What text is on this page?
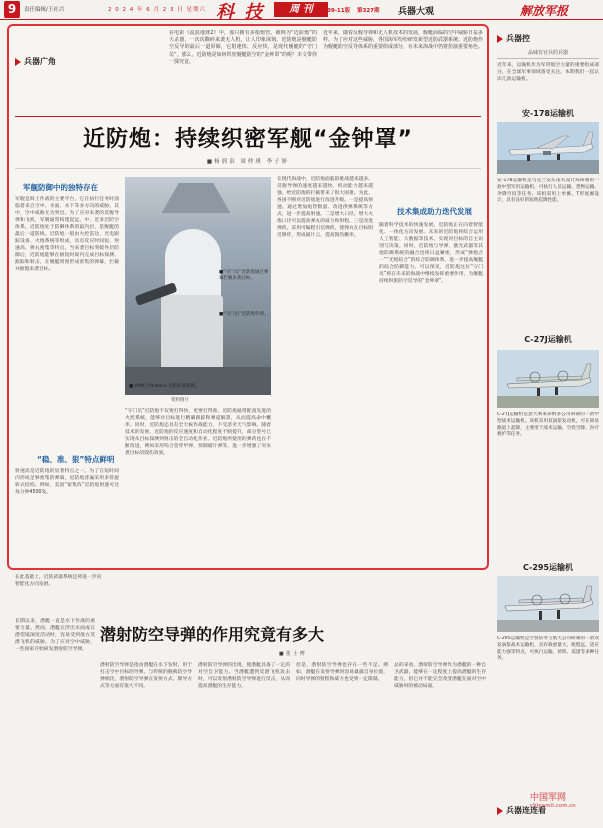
9	责任编辑/王社兴	2 0 2 4 年 6 月 2 3 日 星期六 科 技	周 刊	09-11版 第327期 兵器大观	解放军报
兵器广角
在电影《流浪地球2》中，那只拥有多根炮管、被称为“近防炮”的大杀器，一次次撕碎来袭无人机，让人印象深刻。近防炮是舰艇防空反导的最后一道屏障，它射速快、反应快，是现代舰艇的“守门员”。那么，近防炮是如何织密舰艇防空的“金钟罩”的呢？本文带你一探究竟。
近年来，随着反舰导弹和无人机技术的发展，舰艇面临的空中威胁日益多样。为了应对这些威胁，各国海军纷纷研发新型近防武器系统。近防炮作为舰艇防空反导体系的重要组成部分，在未来海战中仍将扮演重要角色。
近防炮：持续织密军舰“金钟罩”
■杨润泉 周仲琪 李子妍
军舰防御中的独特存在
军舰是海上作战的主要平台，它在执行任务时面临着来自空中、水面、水下等多方向的威胁。其中，空中威胁尤为突出。为了应对来袭的反舰导弹和飞机，军舰通常构建起远、中、近多层防空体系。近防炮处于防御体系的最内层，是舰艇的最后一道防线。近防炮一般由火控雷达、光电跟踪设备、火炮系统等组成，具有反应时间短、射速高、弹丸密集等特点。当来袭目标突破外层防御后，近防炮能够在极短时间内完成目标探测、跟踪和射击，在舰艇周围形成密集的弹幕，拦截并摧毁来袭目标。
“稳、准、狠”特点鲜明
射速高是近防炮的显著特点之一。为了在短时间内形成足够密集的弹幕，近防炮普遍采用多管旋转式结构。例如，美国“密集阵”近防炮射速可达每分钟4500发。
■“守门员”近防炮通过弹幕拦截来袭目标。
■“守门员”近防炮外观。
■ RAM / Phalanx 近防武器系统。
资料图片
“守门员”近防炮不仅要打得快，更要打得准。近防炮通常配备先进的火控系统，能够对目标进行精确跟踪和弹道解算，从而提高命中概率。同时，近防炮还具有全天候作战能力，不受恶劣天气影响。随着技术的发展，近防炮的反应速度和自动化程度不断提升，部分型号已实现从目标探测到射击的全自动化作业。近防炮所使用的弹药也在不断改进，例如采用钨合金穿甲弹、预制破片弹等，进一步增强了对来袭目标的毁伤效果。
在现代海战中，近防炮面临的挑战越来越多。反舰导弹的速度越来越快，机动能力越来越强，给近防炮的拦截带来了很大困难。为此，各国不断对近防炮进行改进升级。一是提高射速。通过增加炮管数量、改进供弹系统等方式，进一步提高射速。二是增大口径。增大火炮口径可以提高弹丸的威力和射程。三是改进弹药。采用可编程引信弹药，使弹丸在目标附近爆炸，形成破片云，提高毁伤概率。
技术集成助力迭代发展
随着科学技术的快速发展，近防炮正在向着智能化、一体化方向发展。未来的近防炮将综合运用人工智能、大数据等技术，实现对目标的自主识别与决策。同时，近防炮与导弹、激光武器等其他防御系统的融合也将日益紧密，形成“弹炮合一”“光炮结合”的综合防御体系，进一步提高舰艇的综合防御能力。可以预见，近防炮这位“守门员”将在未来的海战中继续发挥重要作用，为舰艇持续织密防空反导的“金钟罩”。
兵器控
品味有官兵的兵器
近年来，运输机作为军用航空力量的重要组成部分，在全球军事领域备受关注。本期我们一起认识几款运输机。
安-178运输机
安-178运输机是乌克兰安东诺夫设计局研制的一款中型军用运输机，可执行人员运输、货物运输、伞降空投等任务。该机采用上单翼、T形尾翼设计，具有良好的短距起降性能。
C-27J运输机
C-27J运输机是意大利莱昂纳多公司研制的一款中型战术运输机。该机采用双涡桨发动机，可在简易跑道上起降，主要用于战术运输、空投空降、医疗救护等任务。
C-295运输机
C-295运输机是空客防务与航天公司研制的一款双发涡桨战术运输机，具有载重量大、航程远、适应能力强等特点，可执行运输、侦察、巡逻等多种任务。
中国军网
chinamil.com.cn
兵器连连看
在此基础上，近防武器系统还将进一步向智能化方向发展。
潜射防空导弹的作用究竟有多大
■张士博
长期以来，潜艇一直是水下作战的重要力量。然而，潜艇在浮出水面或在潜望镜深度活动时，容易受到敌方反潜飞机的威胁。为了应对空中威胁，一些国家开始研发潜射防空导弹。
潜射防空导弹是指由潜艇在水下发射，用于打击空中目标的导弹。与传统的舰载防空导弹相比，潜射防空导弹在发射方式、制导方式等方面有很大不同。
潜射防空导弹的出现，使潜艇具备了一定的对空自卫能力。当潜艇遭到反潜飞机攻击时，可以发射潜射防空导弹进行反击，从而提高潜艇的生存能力。
但是，潜射防空导弹也存在一些不足。例如，潜艇在发射导弹时容易暴露自身位置，同时导弹的射程和威力也受到一定限制。
总的来看，潜射防空导弹作为潜艇的一种自卫武器，能够在一定程度上提高潜艇的生存能力，但它并不能完全改变潜艇在面对空中威胁时的被动局面。
